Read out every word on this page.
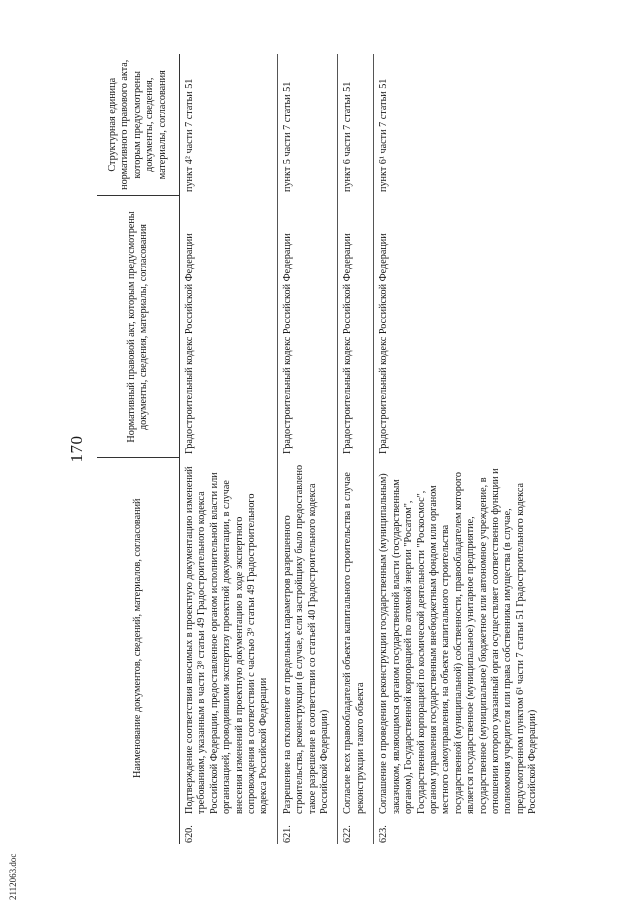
170
	Наименование документов, сведений, материалов, согласований	Нормативный правовой акт, которым предусмотрены документы, сведения, материалы, согласования	Структурная единица нормативного правового акта, которым предусмотрены документы, сведения, материалы, согласования
620.	Подтверждение соответствия вносимых в проектную документацию изменений требованиям, указанным в части 3⁸ статьи 49 Градостроительного кодекса Российской Федерации, предоставленное органом исполнительной власти или организацией, проводившими экспертизу проектной документации, в случае внесения изменений в проектную документацию в ходе экспертного сопровождения в соответствии с частью 3⁹ статьи 49 Градостроительного кодекса Российской Федерации	Градостроительный кодекс Российской Федерации	пункт 4² части 7 статьи 51
621.	Разрешение на отклонение от предельных параметров разрешенного строительства, реконструкции (в случае, если застройщику было предоставлено такое разрешение в соответствии со статьей 40 Градостроительного кодекса Российской Федерации)	Градостроительный кодекс Российской Федерации	пункт 5 части 7 статьи 51
622.	Согласие всех правообладателей объекта капитального строительства в случае реконструкции такого объекта	Градостроительный кодекс Российской Федерации	пункт 6 части 7 статьи 51
623.	Соглашение о проведении реконструкции государственным (муниципальным) заказчиком, являющимся органом государственной власти (государственным органом), Государственной корпорацией по атомной энергии "Росатом", Государственной корпорацией по космической деятельности "Роскосмос", органом управления государственным внебюджетным фондом или органом местного самоуправления, на объекте капитального строительства государственной (муниципальной) собственности, правообладателем которого является государственное (муниципальное) унитарное предприятие, государственное (муниципальное) бюджетное или автономное учреждение, в отношении которого указанный орган осуществляет соответственно функции и полномочия учредителя или права собственника имущества (в случае, предусмотренном пунктом 6¹ части 7 статьи 51 Градостроительного кодекса Российской Федерации)	Градостроительный кодекс Российской Федерации	пункт 6¹ части 7 статьи 51
2112063.doc
